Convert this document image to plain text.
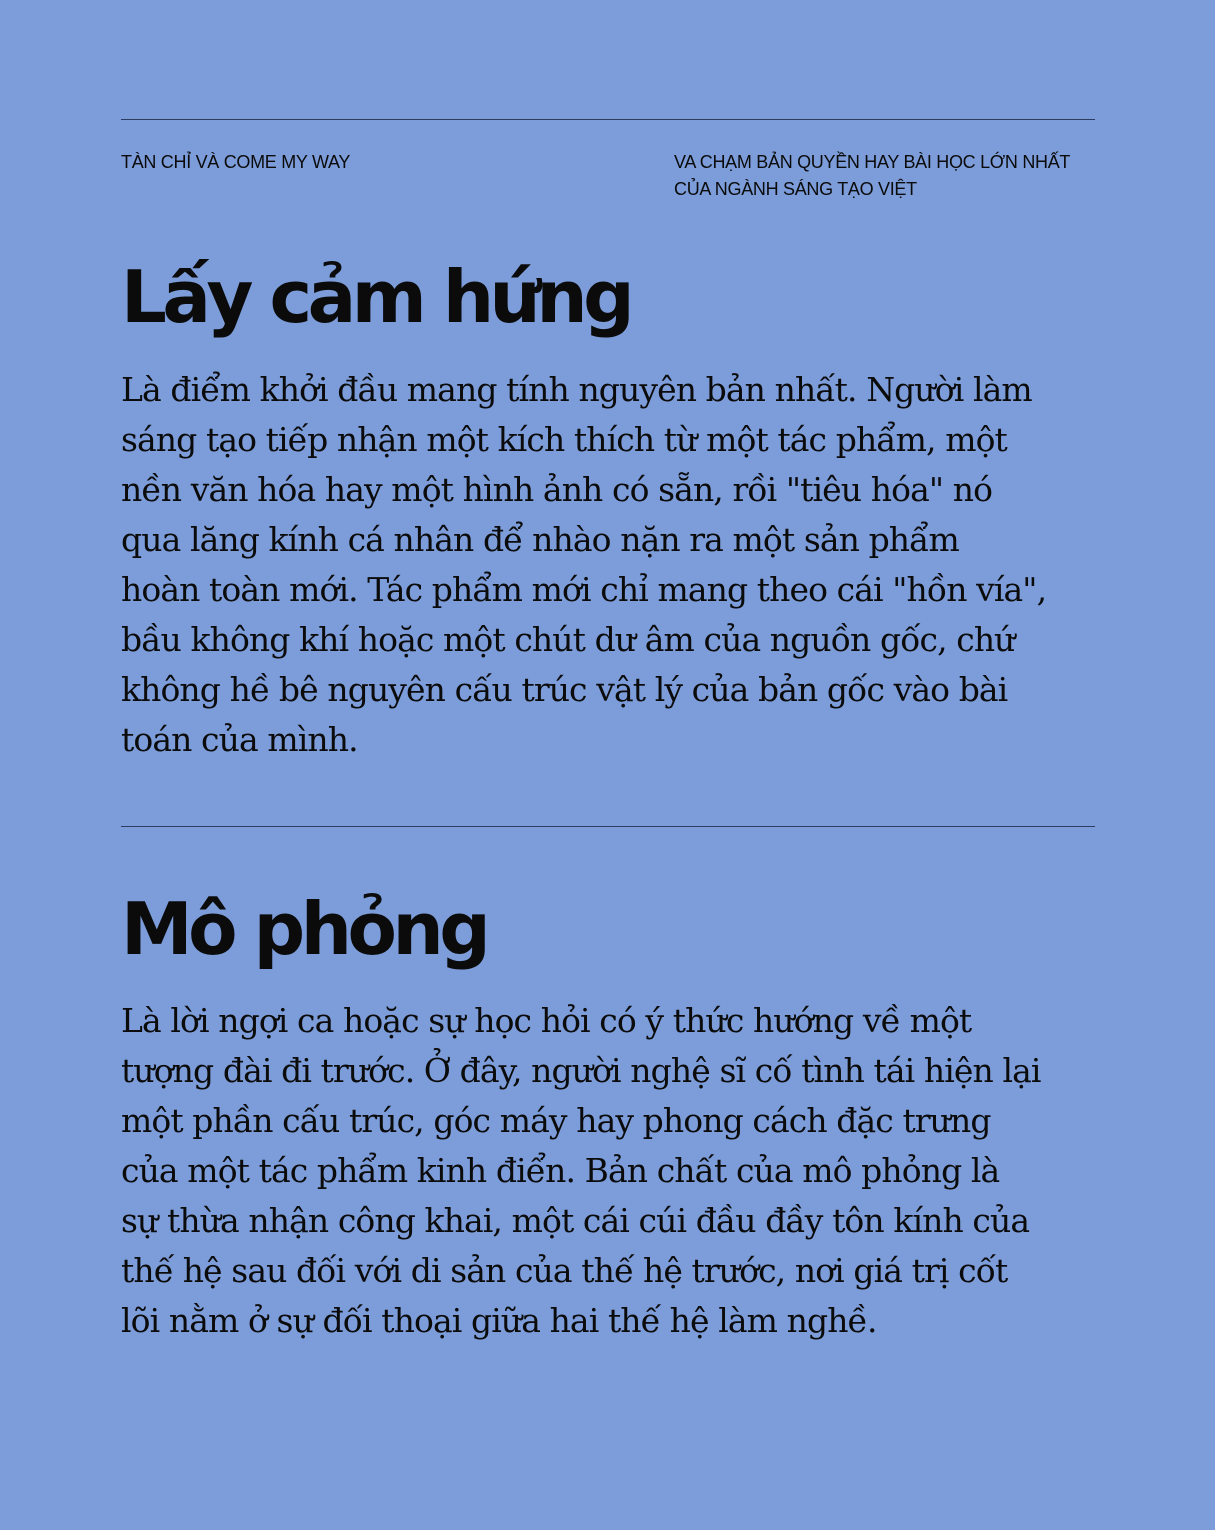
TÀN CHỈ VÀ COME MY WAY	VA CHẠM BẢN QUYỀN HAY BÀI HỌC LỚN NHẤT
CỦA NGÀNH SÁNG TẠO VIỆT
Lấy cảm hứng

Là điểm khởi đầu mang tính nguyên bản nhất. Người làm
sáng tạo tiếp nhận một kích thích từ một tác phẩm, một
nền văn hóa hay một hình ảnh có sẵn, rồi "tiêu hóa" nó
qua lăng kính cá nhân để nhào nặn ra một sản phẩm
hoàn toàn mới. Tác phẩm mới chỉ mang theo cái "hồn vía",
bầu không khí hoặc một chút dư âm của nguồn gốc, chứ
không hề bê nguyên cấu trúc vật lý của bản gốc vào bài
toán của mình.

Mô phỏng

Là lời ngợi ca hoặc sự học hỏi có ý thức hướng về một
tượng đài đi trước. Ở đây, người nghệ sĩ cố tình tái hiện lại
một phần cấu trúc, góc máy hay phong cách đặc trưng
của một tác phẩm kinh điển. Bản chất của mô phỏng là
sự thừa nhận công khai, một cái cúi đầu đầy tôn kính của
thế hệ sau đối với di sản của thế hệ trước, nơi giá trị cốt
lõi nằm ở sự đối thoại giữa hai thế hệ làm nghề.
